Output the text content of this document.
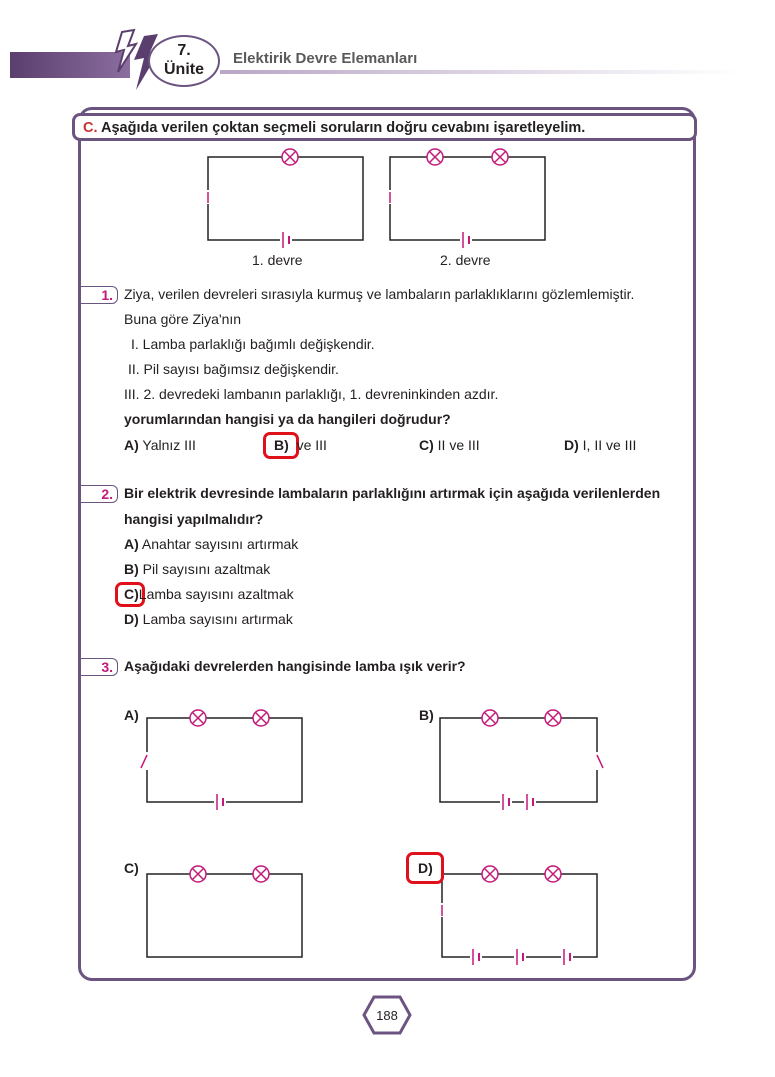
7.
Ünite
Elektirik Devre Elemanları
C. Aşağıda verilen çoktan seçmeli soruların doğru cevabını işaretleyelim.
1. devre	2. devre
1. Ziya, verilen devreleri sırasıyla kurmuş ve lambaların parlaklıklarını gözlemlemiştir.
Buna göre Ziya'nın
I. Lamba parlaklığı bağımlı değişkendir.
II. Pil sayısı bağımsız değişkendir.
III. 2. devredeki lambanın parlaklığı, 1. devreninkinden azdır.
yorumlarından hangisi ya da hangileri doğrudur?
A) Yalnız III	B) ve III	C) II ve III	D) I, II ve III
2. Bir elektrik devresinde lambaların parlaklığını artırmak için aşağıda verilenlerden
hangisi yapılmalıdır?
A) Anahtar sayısını artırmak
B) Pil sayısını azaltmak
C)Lamba sayısını azaltmak
D) Lamba sayısını artırmak
3. Aşağıdaki devrelerden hangisinde lamba ışık verir?
A)	B)
C)	D)
188
